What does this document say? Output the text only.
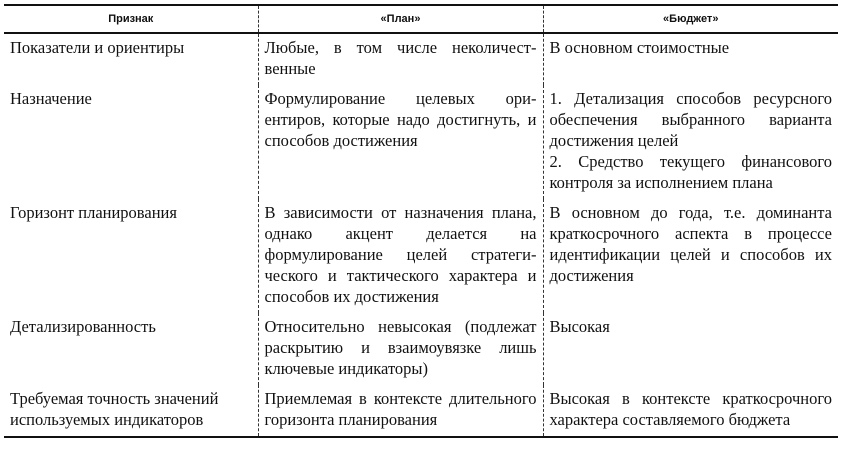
Признак	«План»	«Бюджет»
Показатели и ориентиры	Любые, в том числе неколичественные	В основном стоимостные

Назначение	Формулирование целевых ориентиров, которые надо достигнуть, и способов достижения	1. Детализация способов ресурсного обеспечения выбранного варианта достижения целей
2. Средство текущего финансового контроля за исполнением плана

Горизонт планирования	В зависимости от назначения плана, однако акцент делается на формулирование целей стратегического и тактического характера и способов их достижения	В основном до года, т.е. доминанта краткосрочного аспекта в процессе идентификации целей и способов их достижения

Детализированность	Относительно невысокая (подлежат раскрытию и взаимоувязке лишь ключевые индикаторы)	Высокая

Требуемая точность значений используемых индикаторов	Приемлемая в контексте длительного горизонта планирования	Высокая в контексте краткосрочного характера составляемого бюджета
